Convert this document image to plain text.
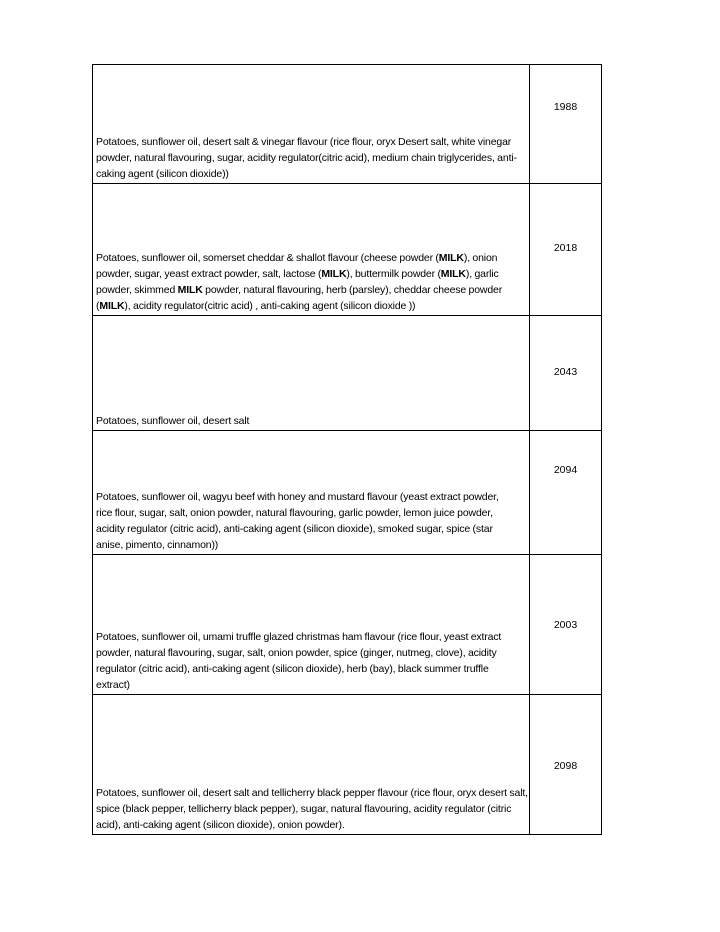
Potatoes, sunflower oil, desert salt & vinegar flavour (rice flour, oryx Desert salt, white vinegar powder, natural flavouring, sugar, acidity regulator(citric acid), medium chain triglycerides, anti-caking agent (silicon dioxide))	1988

Potatoes, sunflower oil, somerset cheddar & shallot flavour (cheese powder (MILK), onion powder, sugar, yeast extract powder, salt, lactose (MILK), buttermilk powder (MILK), garlic
powder, skimmed MILK powder, natural flavouring, herb (parsley), cheddar cheese powder (MILK), acidity regulator(citric acid) , anti-caking agent (silicon dioxide ))	2018

Potatoes, sunflower oil, desert salt	2043

Potatoes, sunflower oil, wagyu beef with honey and mustard flavour (yeast extract powder, rice flour, sugar, salt, onion powder, natural flavouring, garlic powder, lemon juice powder, acidity regulator (citric acid), anti-caking agent (silicon dioxide), smoked sugar, spice (star anise, pimento, cinnamon))	2094

Potatoes, sunflower oil, umami truffle glazed christmas ham flavour (rice flour, yeast extract powder, natural flavouring, sugar, salt, onion powder, spice (ginger, nutmeg, clove), acidity regulator (citric acid), anti-caking agent (silicon dioxide), herb (bay), black summer truffle extract)	2003

Potatoes, sunflower oil, desert salt and tellicherry black pepper flavour (rice flour, oryx desert salt, spice (black pepper, tellicherry black pepper), sugar, natural flavouring, acidity regulator (citric acid), anti-caking agent (silicon dioxide), onion powder).	2098
